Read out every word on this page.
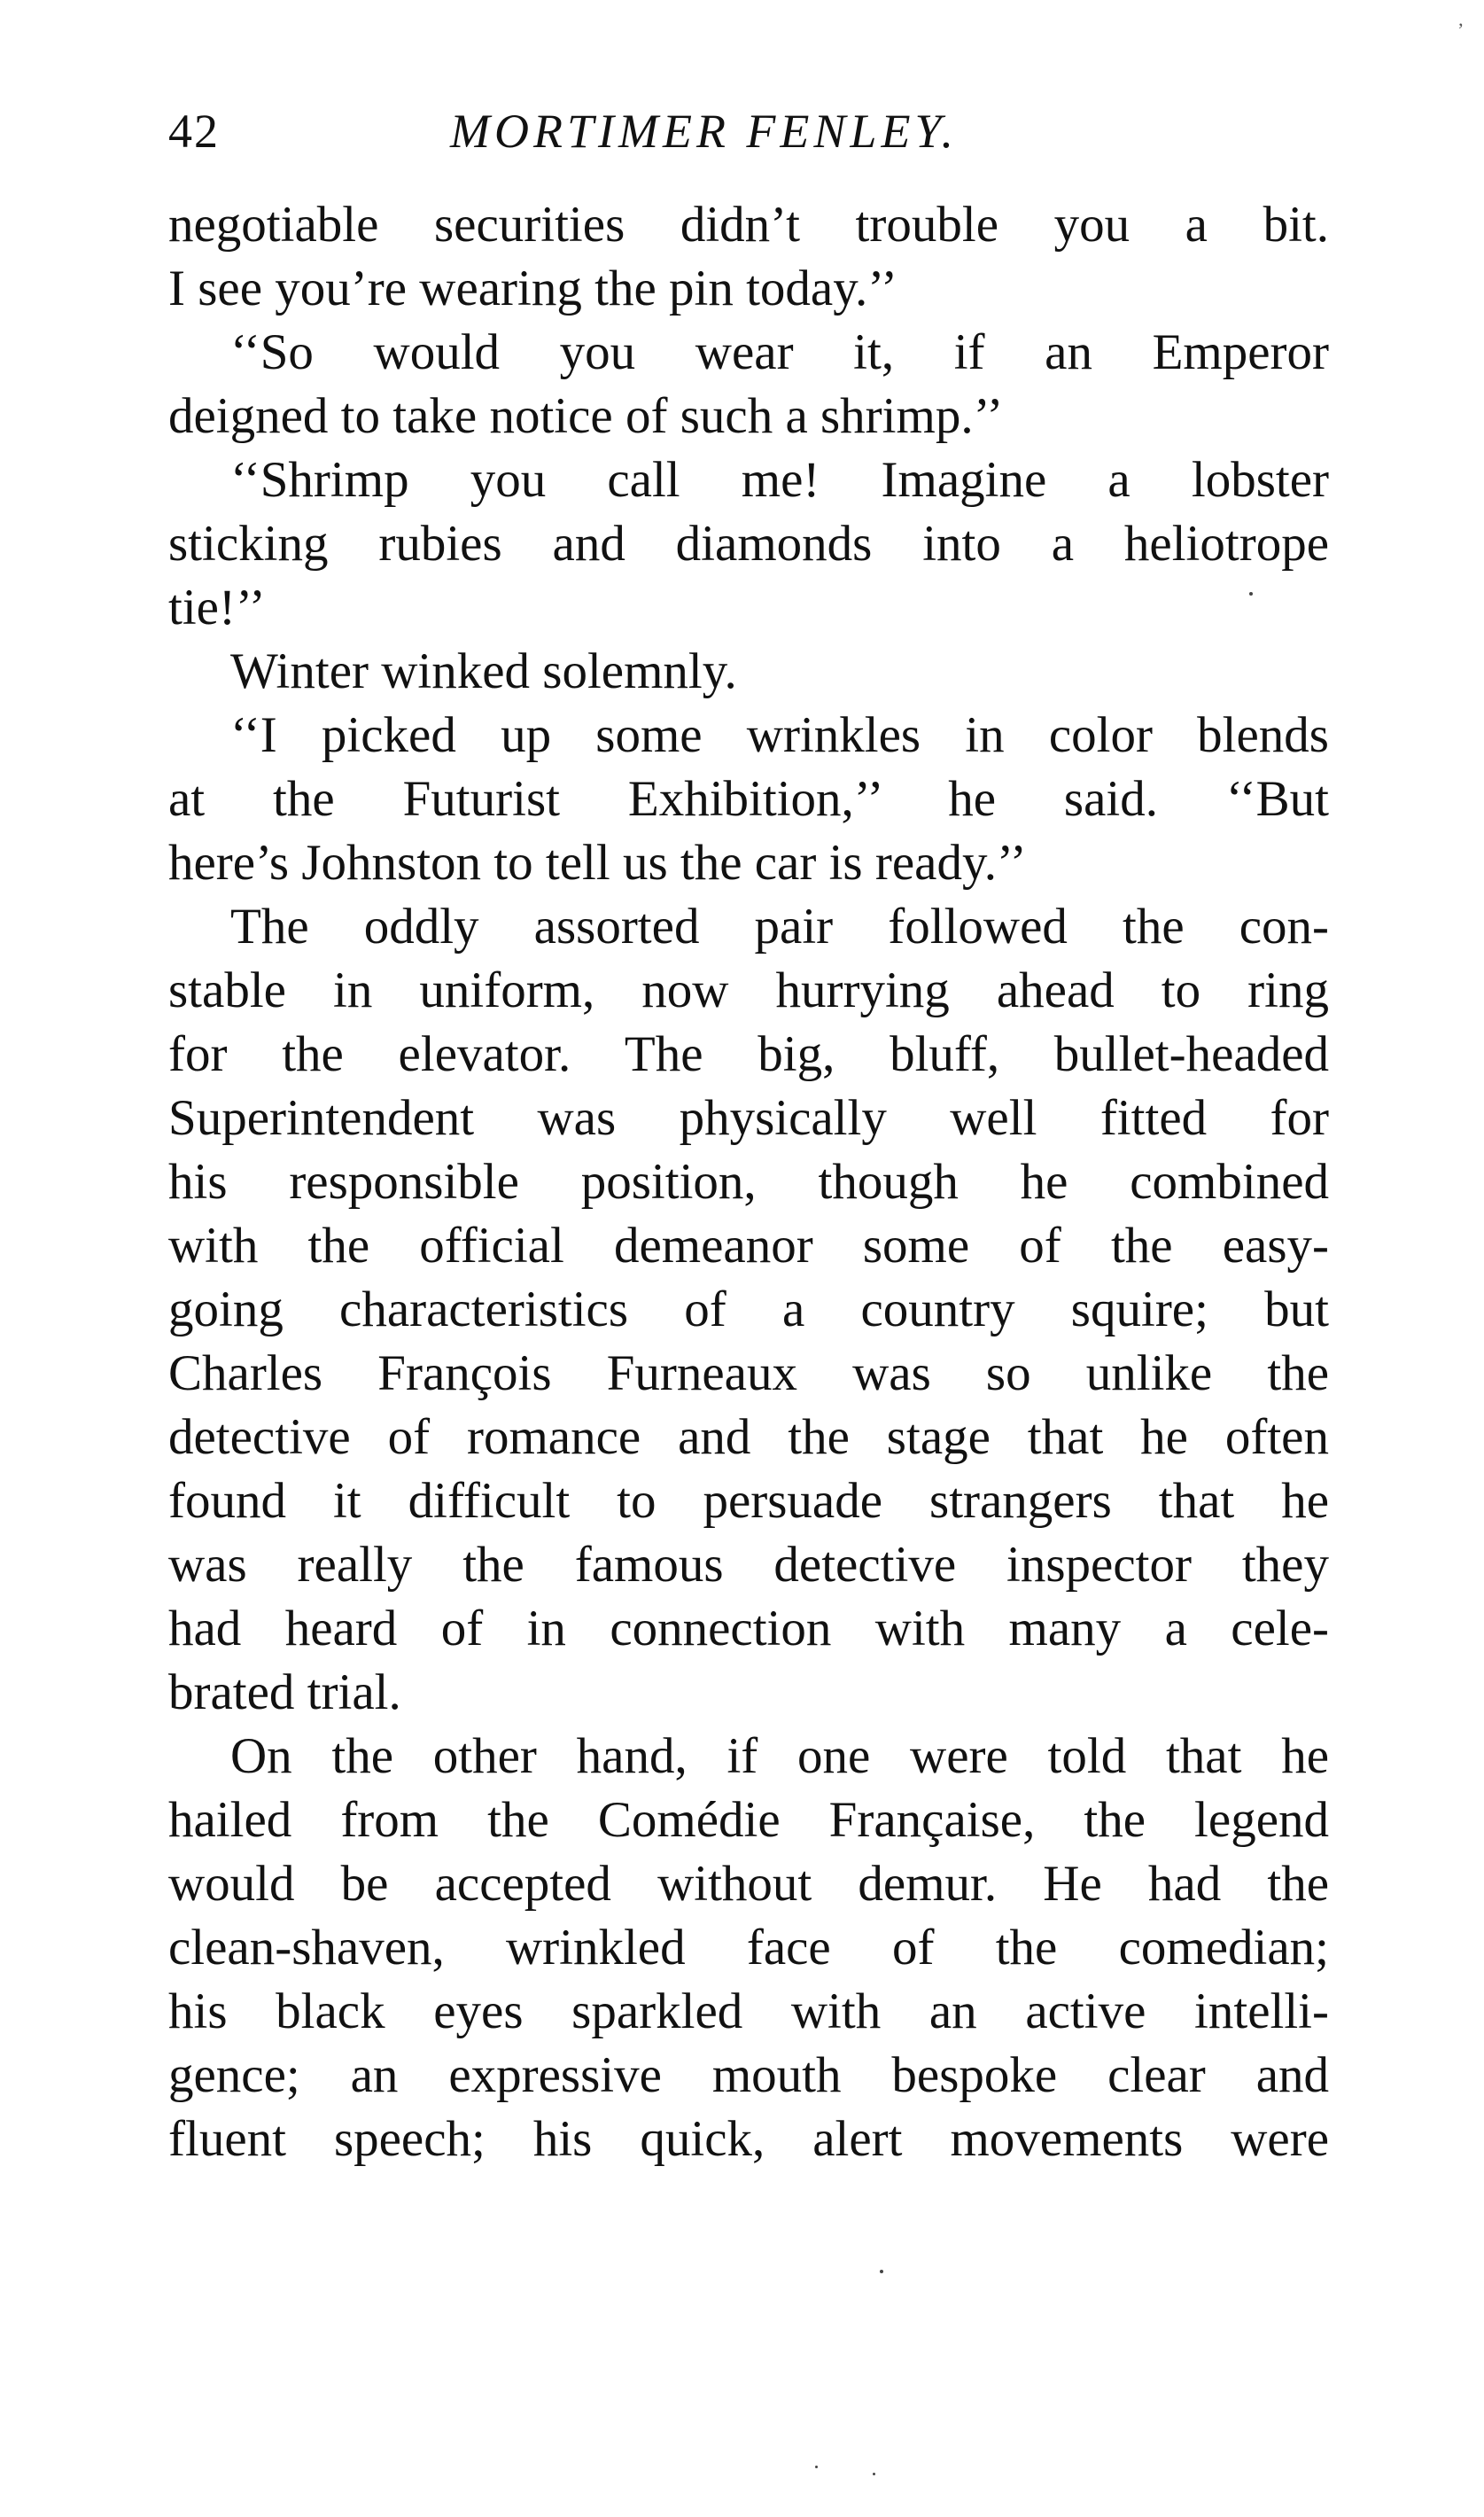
’
42	MORTIMER FENLEY.
negotiable securities didn’t trouble you a bit.
I see you’re wearing the pin today.’’
‘‘So would you wear it, if an Emperor
deigned to take notice of such a shrimp.’’
‘‘Shrimp you call me! Imagine a lobster
sticking rubies and diamonds into a heliotrope
tie!’’
Winter winked solemnly.
‘‘I picked up some wrinkles in color blends
at the Futurist Exhibition,’’ he said. ‘‘But
here’s Johnston to tell us the car is ready.’’
The oddly assorted pair followed the con-
stable in uniform, now hurrying ahead to ring
for the elevator. The big, bluff, bullet-headed
Superintendent was physically well fitted for
his responsible position, though he combined
with the official demeanor some of the easy-
going characteristics of a country squire; but
Charles François Furneaux was so unlike the
detective of romance and the stage that he often
found it difficult to persuade strangers that he
was really the famous detective inspector they
had heard of in connection with many a cele-
brated trial.
On the other hand, if one were told that he
hailed from the Comédie Française, the legend
would be accepted without demur. He had the
clean-shaven, wrinkled face of the comedian;
his black eyes sparkled with an active intelli-
gence; an expressive mouth bespoke clear and
fluent speech; his quick, alert movements were
